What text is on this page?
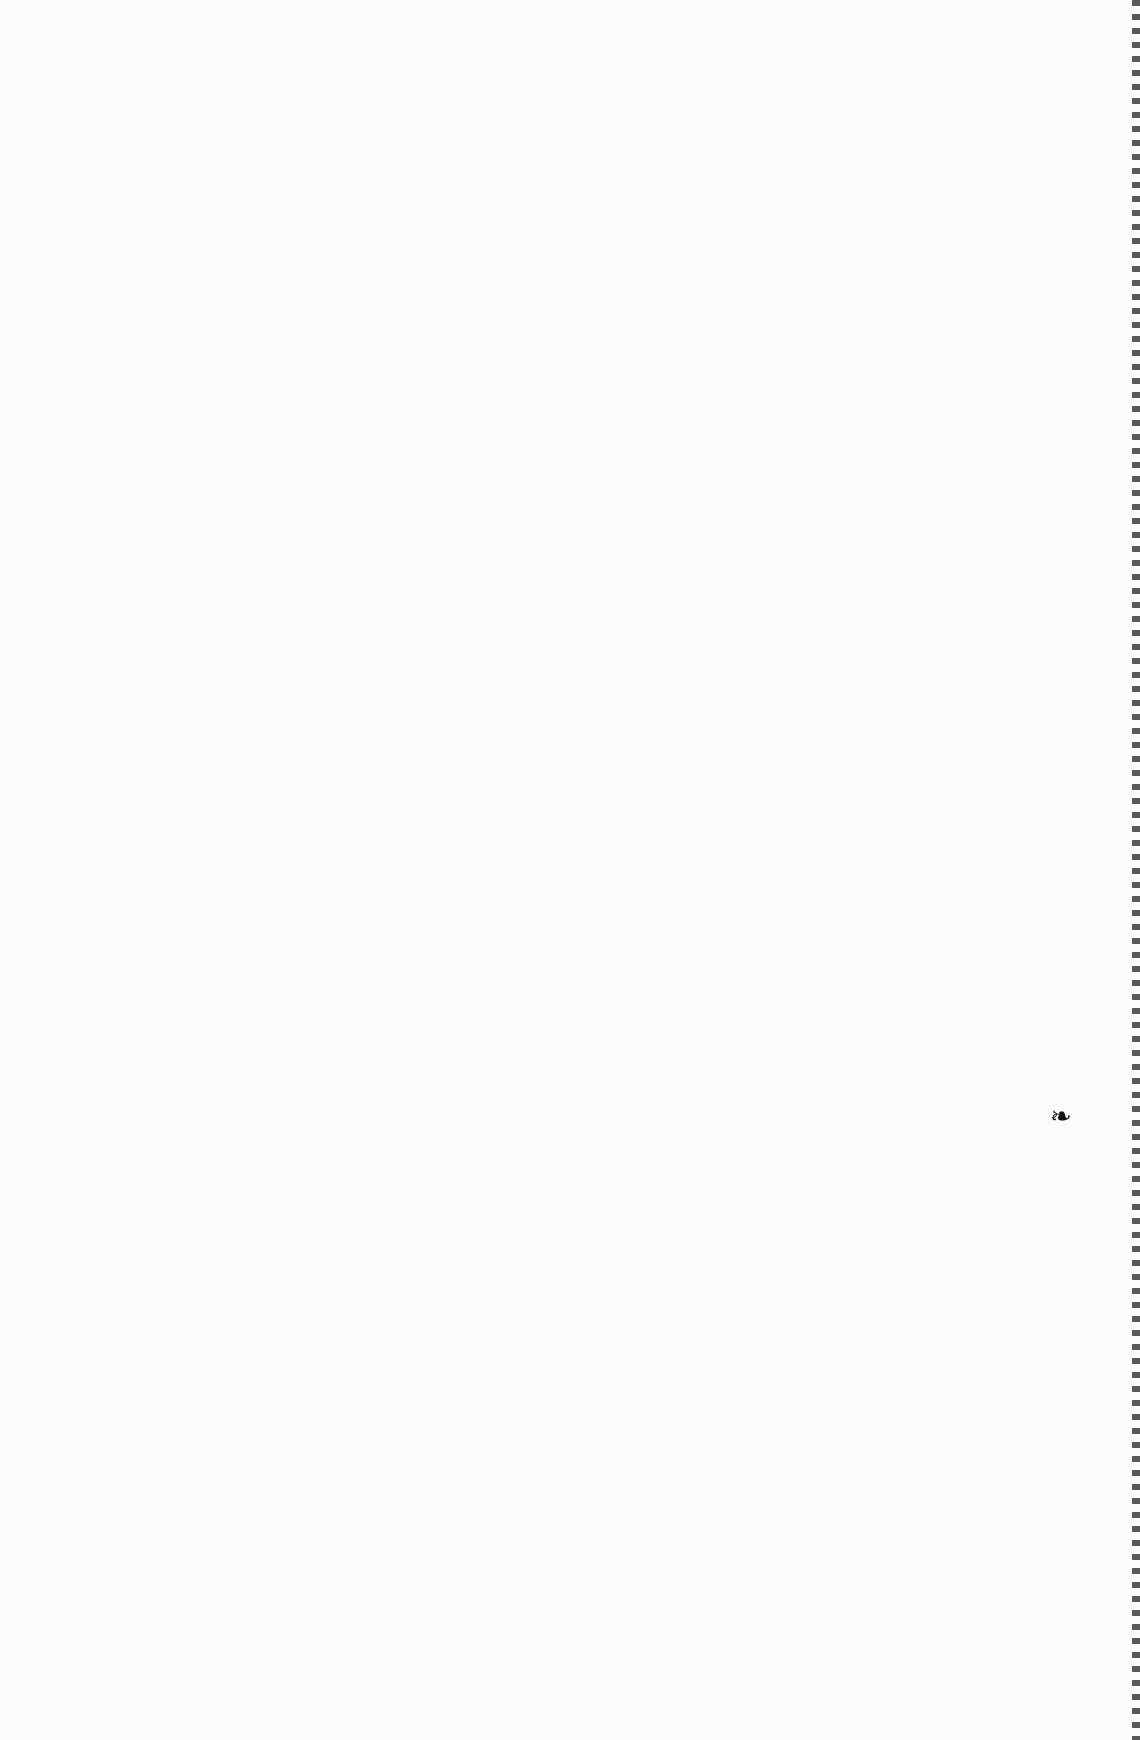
❧
